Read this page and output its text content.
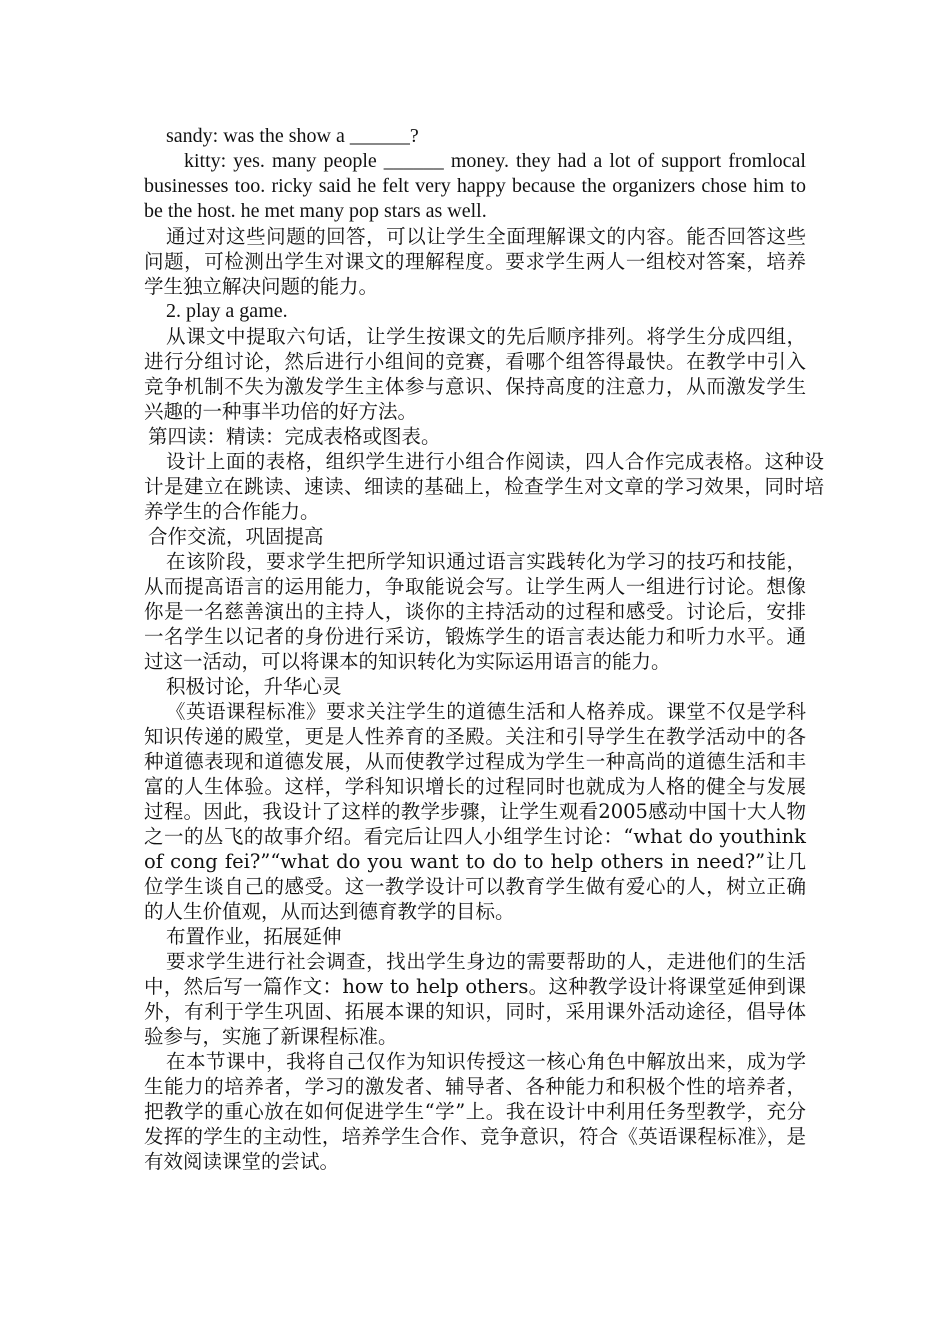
sandy: was the show a ______?

kitty: yes. many people ______ money. they had a lot of support fromlocal businesses too. ricky said he felt very happy because the organizers chose him to be the host. he met many pop stars as well.

通过对这些问题的回答，可以让学生全面理解课文的内容。能否回答这些问题，可检测出学生对课文的理解程度。要求学生两人一组校对答案，培养学生独立解决问题的能力。

2. play a game.

从课文中提取六句话，让学生按课文的先后顺序排列。将学生分成四组，进行分组讨论，然后进行小组间的竞赛，看哪个组答得最快。在教学中引入竞争机制不失为激发学生主体参与意识、保持高度的注意力，从而激发学生兴趣的一种事半功倍的好方法。

第四读：精读：完成表格或图表。

设计上面的表格，组织学生进行小组合作阅读，四人合作完成表格。这种设计是建立在跳读、速读、细读的基础上，检查学生对文章的学习效果，同时培养学生的合作能力。

合作交流，巩固提高

在该阶段，要求学生把所学知识通过语言实践转化为学习的技巧和技能，从而提高语言的运用能力，争取能说会写。让学生两人一组进行讨论。想像你是一名慈善演出的主持人，谈你的主持活动的过程和感受。讨论后，安排一名学生以记者的身份进行采访，锻炼学生的语言表达能力和听力水平。通过这一活动，可以将课本的知识转化为实际运用语言的能力。

积极讨论，升华心灵

《英语课程标准》要求关注学生的道德生活和人格养成。课堂不仅是学科知识传递的殿堂，更是人性养育的圣殿。关注和引导学生在教学活动中的各种道德表现和道德发展，从而使教学过程成为学生一种高尚的道德生活和丰富的人生体验。这样，学科知识增长的过程同时也就成为人格的健全与发展过程。因此，我设计了这样的教学步骤，让学生观看2005感动中国十大人物之一的丛飞的故事介绍。看完后让四人小组学生讨论：“what do youthink of cong fei?”“what do you want to do to help others in need?”让几位学生谈自己的感受。这一教学设计可以教育学生做有爱心的人，树立正确的人生价值观，从而达到德育教学的目标。

布置作业，拓展延伸

要求学生进行社会调查，找出学生身边的需要帮助的人，走进他们的生活中，然后写一篇作文：how to help others。这种教学设计将课堂延伸到课外，有利于学生巩固、拓展本课的知识，同时，采用课外活动途径，倡导体验参与，实施了新课程标准。

在本节课中，我将自己仅作为知识传授这一核心角色中解放出来，成为学生能力的培养者，学习的激发者、辅导者、各种能力和积极个性的培养者，把教学的重心放在如何促进学生“学”上。我在设计中利用任务型教学，充分发挥的学生的主动性，培养学生合作、竞争意识，符合《英语课程标准》，是有效阅读课堂的尝试。
